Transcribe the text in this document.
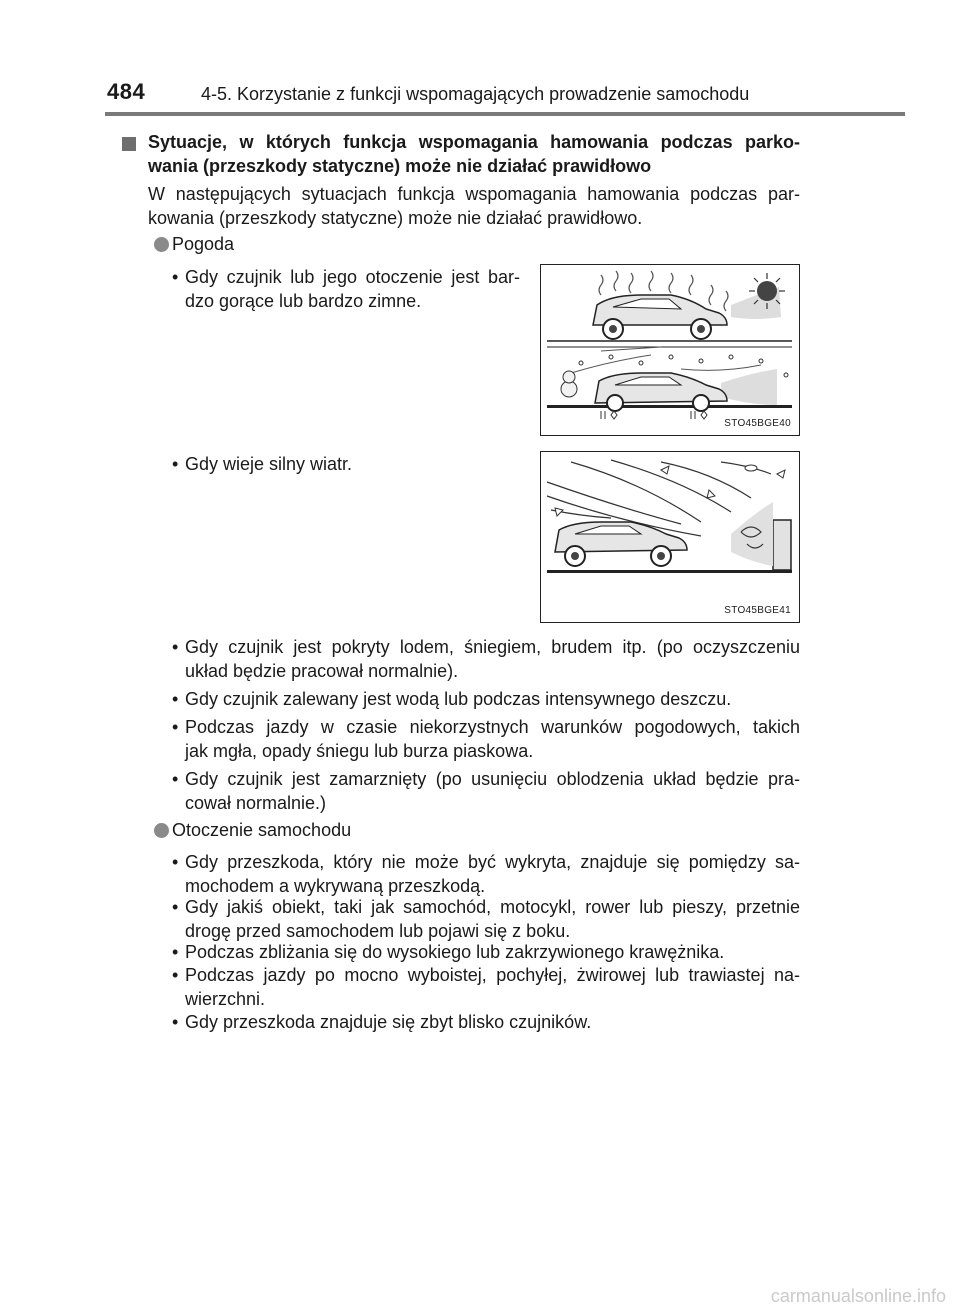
484	4-5. Korzystanie z funkcji wspomagających prowadzenie samochodu
Sytuacje, w których funkcja wspomagania hamowania podczas parko-
wania (przeszkody statyczne) może nie działać prawidłowo
W następujących sytuacjach funkcja wspomagania hamowania podczas par-
kowania (przeszkody statyczne) może nie działać prawidłowo.
Pogoda
• Gdy czujnik lub jego otoczenie jest bar-
dzo gorące lub bardzo zimne.
STO45BGE40
• Gdy wieje silny wiatr.
STO45BGE41
• Gdy czujnik jest pokryty lodem, śniegiem, brudem itp. (po oczyszczeniu
układ będzie pracował normalnie).
• Gdy czujnik zalewany jest wodą lub podczas intensywnego deszczu.
• Podczas jazdy w czasie niekorzystnych warunków pogodowych, takich
jak mgła, opady śniegu lub burza piaskowa.
• Gdy czujnik jest zamarznięty (po usunięciu oblodzenia układ będzie pra-
cował normalnie.)
Otoczenie samochodu
• Gdy przeszkoda, który nie może być wykryta, znajduje się pomiędzy sa-
mochodem a wykrywaną przeszkodą.
• Gdy jakiś obiekt, taki jak samochód, motocykl, rower lub pieszy, przetnie
drogę przed samochodem lub pojawi się z boku.
• Podczas zbliżania się do wysokiego lub zakrzywionego krawężnika.
• Podczas jazdy po mocno wyboistej, pochyłej, żwirowej lub trawiastej na-
wierzchni.
• Gdy przeszkoda znajduje się zbyt blisko czujników.
carmanualsonline.info
